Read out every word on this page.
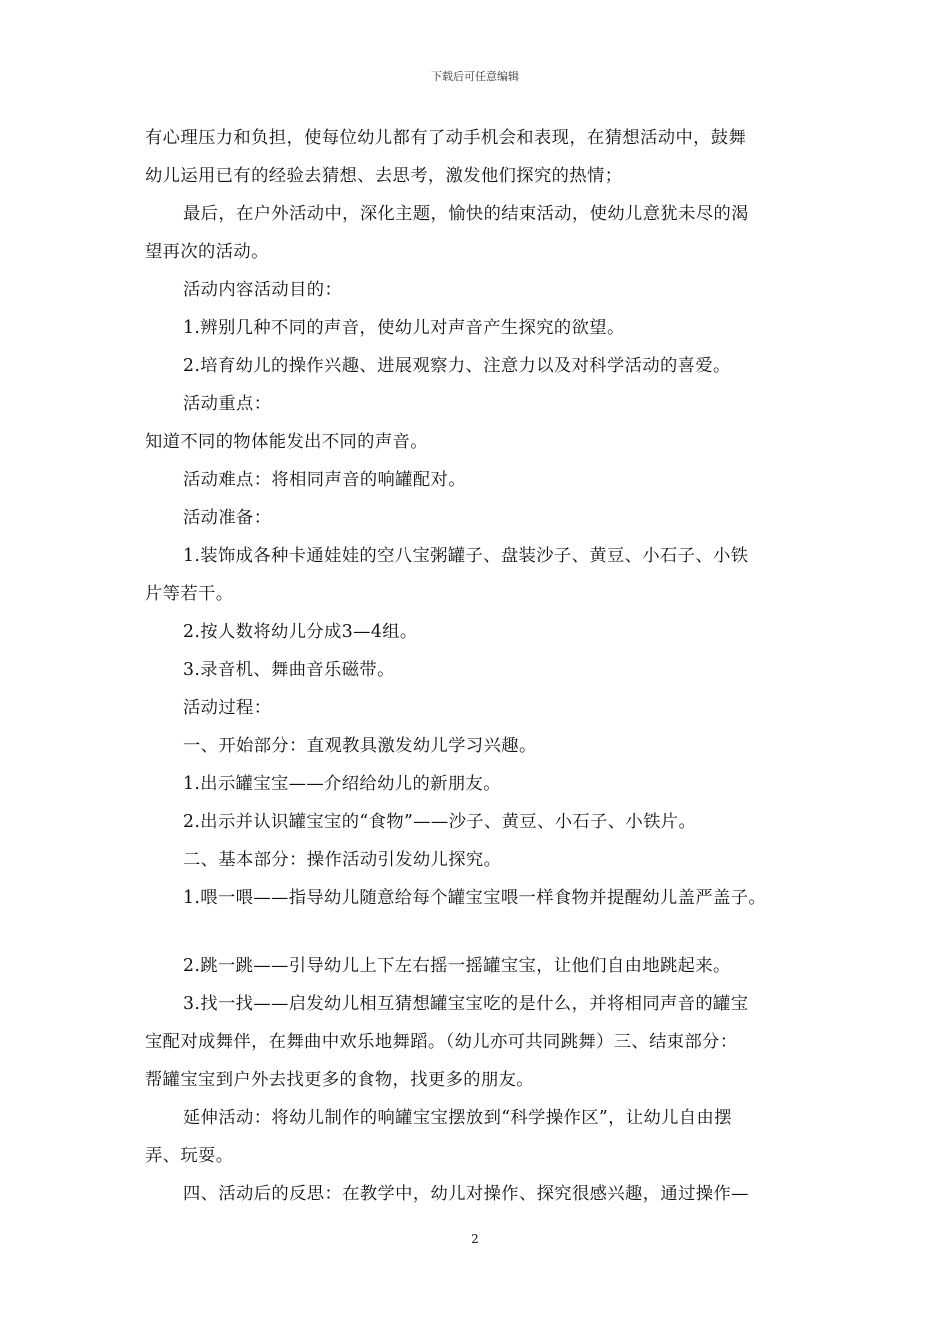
下载后可任意编辑
有心理压力和负担，使每位幼儿都有了动手机会和表现，在猜想活动中，鼓舞
幼儿运用已有的经验去猜想、去思考，激发他们探究的热情；
最后，在户外活动中，深化主题，愉快的结束活动，使幼儿意犹未尽的渴
望再次的活动。
活动内容活动目的：
1.辨别几种不同的声音，使幼儿对声音产生探究的欲望。
2.培育幼儿的操作兴趣、进展观察力、注意力以及对科学活动的喜爱。
活动重点：
知道不同的物体能发出不同的声音。
活动难点：将相同声音的响罐配对。
活动准备：
1.装饰成各种卡通娃娃的空八宝粥罐子、盘装沙子、黄豆、小石子、小铁
片等若干。
2.按人数将幼儿分成3—4组。
3.录音机、舞曲音乐磁带。
活动过程：
一、开始部分：直观教具激发幼儿学习兴趣。
1.出示罐宝宝——介绍给幼儿的新朋友。
2.出示并认识罐宝宝的“食物”——沙子、黄豆、小石子、小铁片。
二、基本部分：操作活动引发幼儿探究。
1.喂一喂——指导幼儿随意给每个罐宝宝喂一样食物并提醒幼儿盖严盖子。
2.跳一跳——引导幼儿上下左右摇一摇罐宝宝，让他们自由地跳起来。
3.找一找——启发幼儿相互猜想罐宝宝吃的是什么，并将相同声音的罐宝
宝配对成舞伴，在舞曲中欢乐地舞蹈。（幼儿亦可共同跳舞）三、结束部分：
帮罐宝宝到户外去找更多的食物，找更多的朋友。
延伸活动：将幼儿制作的响罐宝宝摆放到“科学操作区”，让幼儿自由摆
弄、玩耍。
四、活动后的反思：在教学中，幼儿对操作、探究很感兴趣，通过操作—
2
